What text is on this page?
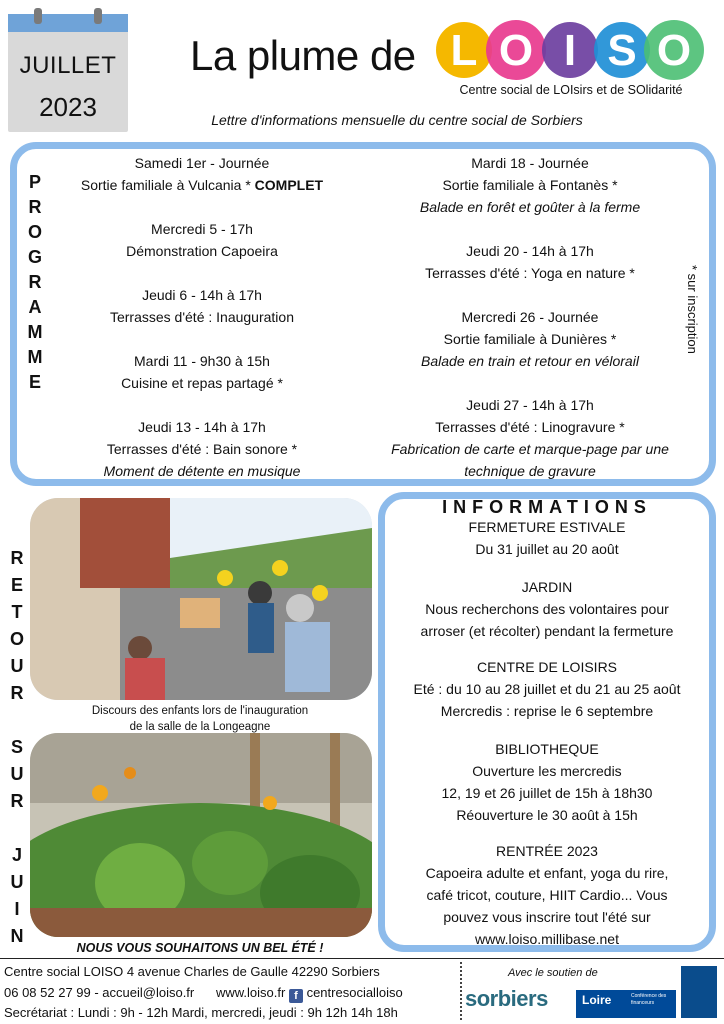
JUILLET
2023
La plume de L O I S O
Centre social de LOIsirs et de SOlidarité
Lettre d'informations mensuelle du centre social de Sorbiers
P
R
O
G
R
A
M
M
E
* sur inscription
Samedi 1er - Journée
Sortie familiale à Vulcania * COMPLET
Mercredi 5 - 17h
Démonstration Capoeira
Jeudi 6 - 14h à 17h
Terrasses d'été : Inauguration
Mardi 11 - 9h30 à 15h
Cuisine et repas partagé *
Jeudi 13 - 14h à 17h
Terrasses d'été : Bain sonore *
Moment de détente en musique
Mardi 18 - Journée
Sortie familiale à Fontanès *
Balade en forêt et goûter à la ferme
Jeudi 20 - 14h à 17h
Terrasses d'été : Yoga en nature *
Mercredi 26 - Journée
Sortie familiale à Dunières *
Balade en train et retour en vélorail
Jeudi 27 - 14h à 17h
Terrasses d'été : Linogravure *
Fabrication de carte et marque-page par une technique de gravure
R
E
T
O
U
R

S
U
R

J
U
I
N
Discours des enfants lors de l'inauguration
de la salle de la Longeagne
NOUS VOUS SOUHAITONS UN BEL ÉTÉ !
INFORMATIONS
FERMETURE ESTIVALE
Du 31 juillet au 20 août
JARDIN
Nous recherchons des volontaires pour
arroser (et récolter) pendant la fermeture
CENTRE DE LOISIRS
Eté : du 10 au 28 juillet et du 21 au 25 août
Mercredis : reprise le 6 septembre
BIBLIOTHEQUE
Ouverture les mercredis
12, 19 et 26 juillet de 15h à 18h30
Réouverture le 30 août à 15h
RENTRÉE 2023
Capoeira adulte et enfant, yoga du rire,
café tricot, couture, HIIT Cardio... Vous
pouvez vous inscrire tout l'été sur
www.loiso.millibase.net
Centre social LOISO 4 avenue Charles de Gaulle 42290 Sorbiers
06 08 52 27 99 - accueil@loiso.fr www.loiso.fr f centresocialloiso
Secrétariat : Lundi : 9h - 12h Mardi, mercredi, jeudi : 9h 12h 14h 18h
Avec le soutien de
sorbiers	Loire	Conférence des financeurs
